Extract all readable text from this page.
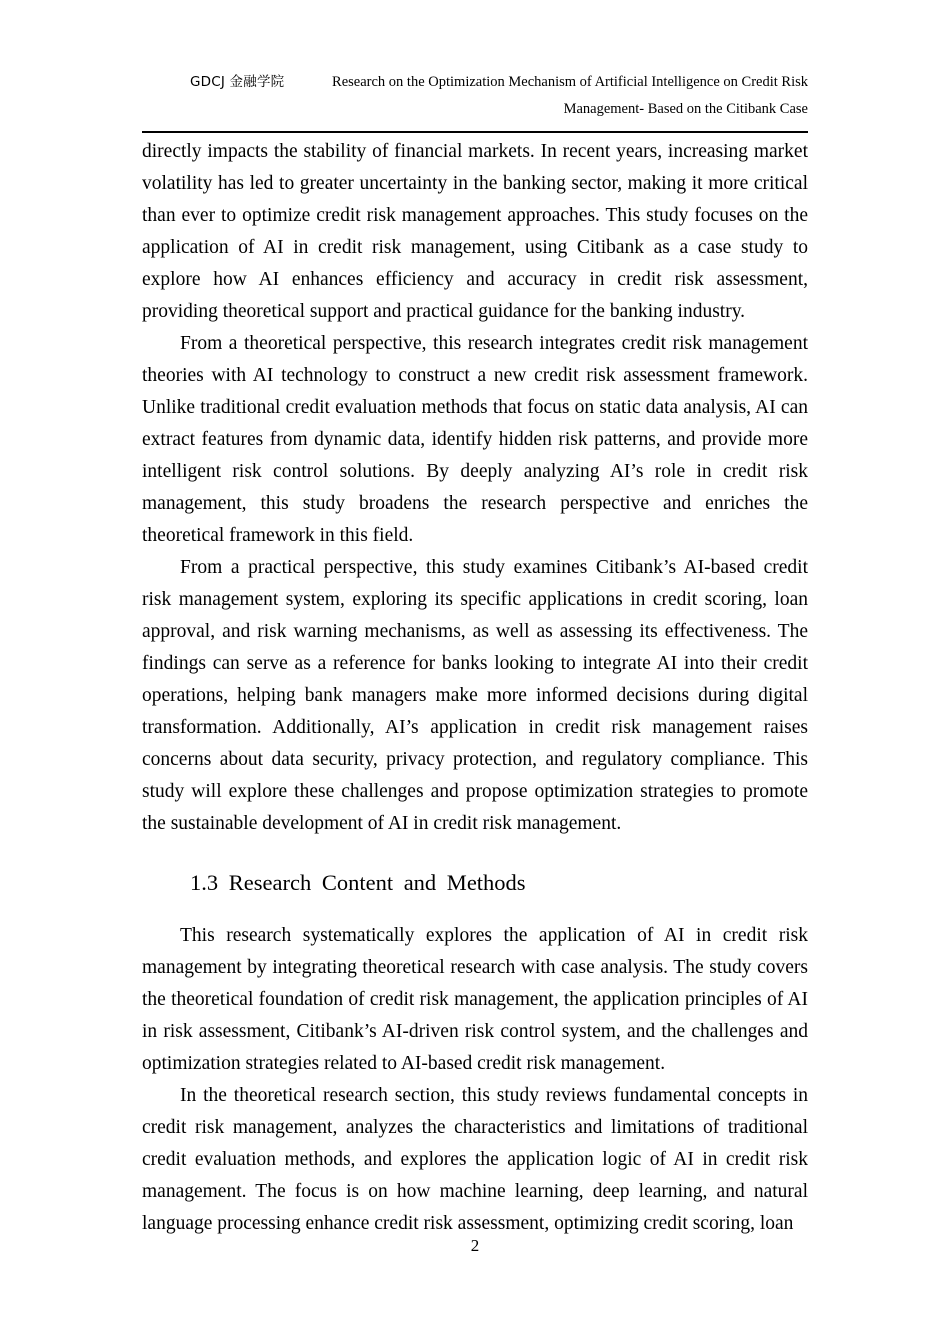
GDCJ 金融学院	Research on the Optimization Mechanism of Artificial Intelligence on Credit Risk
Management- Based on the Citibank Case

directly impacts the stability of financial markets. In recent years, increasing market volatility has led to greater uncertainty in the banking sector, making it more critical than ever to optimize credit risk management approaches. This study focuses on the application of AI in credit risk management, using Citibank as a case study to explore how AI enhances efficiency and accuracy in credit risk assessment, providing theoretical support and practical guidance for the banking industry.

From a theoretical perspective, this research integrates credit risk management theories with AI technology to construct a new credit risk assessment framework. Unlike traditional credit evaluation methods that focus on static data analysis, AI can extract features from dynamic data, identify hidden risk patterns, and provide more intelligent risk control solutions. By deeply analyzing AI’s role in credit risk management, this study broadens the research perspective and enriches the theoretical framework in this field.

From a practical perspective, this study examines Citibank’s AI-based credit risk management system, exploring its specific applications in credit scoring, loan approval, and risk warning mechanisms, as well as assessing its effectiveness. The findings can serve as a reference for banks looking to integrate AI into their credit operations, helping bank managers make more informed decisions during digital transformation. Additionally, AI’s application in credit risk management raises concerns about data security, privacy protection, and regulatory compliance. This study will explore these challenges and propose optimization strategies to promote the sustainable development of AI in credit risk management.

1.3 Research Content and Methods

This research systematically explores the application of AI in credit risk management by integrating theoretical research with case analysis. The study covers the theoretical foundation of credit risk management, the application principles of AI in risk assessment, Citibank’s AI-driven risk control system, and the challenges and optimization strategies related to AI-based credit risk management.

In the theoretical research section, this study reviews fundamental concepts in credit risk management, analyzes the characteristics and limitations of traditional credit evaluation methods, and explores the application logic of AI in credit risk management. The focus is on how machine learning, deep learning, and natural language processing enhance credit risk assessment, optimizing credit scoring, loan

2
